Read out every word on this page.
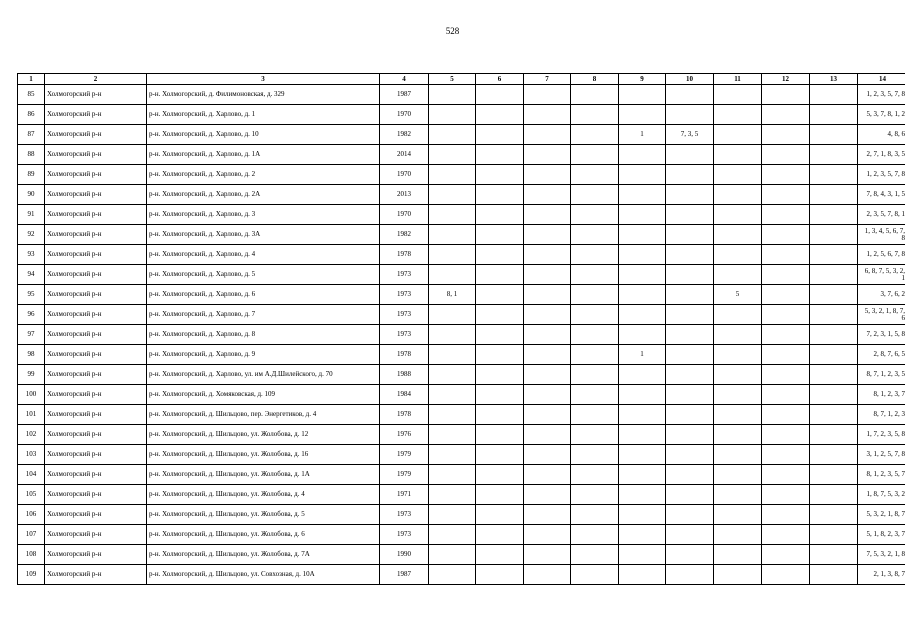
528
1	2	3	4	5	6	7	8	9	10	11	12	13	14
85	Холмогорский р-н	р-н. Холмогорский, д. Филимоновская, д. 329	1987										1, 2, 3, 5, 7, 8
86	Холмогорский р-н	р-н. Холмогорский, д. Харлово, д. 1	1970										5, 3, 7, 8, 1, 2
87	Холмогорский р-н	р-н. Холмогорский, д. Харлово, д. 10	1982					1	7, 3, 5				4, 8, 6
88	Холмогорский р-н	р-н. Холмогорский, д. Харлово, д. 1А	2014										2, 7, 1, 8, 3, 5
89	Холмогорский р-н	р-н. Холмогорский, д. Харлово, д. 2	1970										1, 2, 3, 5, 7, 8
90	Холмогорский р-н	р-н. Холмогорский, д. Харлово, д. 2А	2013										7, 8, 4, 3, 1, 5
91	Холмогорский р-н	р-н. Холмогорский, д. Харлово, д. 3	1970										2, 3, 5, 7, 8, 1
92	Холмогорский р-н	р-н. Холмогорский, д. Харлово, д. 3А	1982										1, 3, 4, 5, 6, 7, 8
93	Холмогорский р-н	р-н. Холмогорский, д. Харлово, д. 4	1978										1, 2, 5, 6, 7, 8
94	Холмогорский р-н	р-н. Холмогорский, д. Харлово, д. 5	1973										6, 8, 7, 5, 3, 2, 1
95	Холмогорский р-н	р-н. Холмогорский, д. Харлово, д. 6	1973	8, 1						5			3, 7, 6, 2
96	Холмогорский р-н	р-н. Холмогорский, д. Харлово, д. 7	1973										5, 3, 2, 1, 8, 7, 6
97	Холмогорский р-н	р-н. Холмогорский, д. Харлово, д. 8	1973										7, 2, 3, 1, 5, 8
98	Холмогорский р-н	р-н. Холмогорский, д. Харлово, д. 9	1978					1					2, 8, 7, 6, 5
99	Холмогорский р-н	р-н. Холмогорский, д. Харлово, ул. им А.Д.Шилейского, д. 70	1988										8, 7, 1, 2, 3, 5
100	Холмогорский р-н	р-н. Холмогорский, д. Хомяковская, д. 109	1984										8, 1, 2, 3, 7
101	Холмогорский р-н	р-н. Холмогорский, д. Шильцово, пер. Энергетиков, д. 4	1978										8, 7, 1, 2, 3
102	Холмогорский р-н	р-н. Холмогорский, д. Шильцово, ул. Жолобова, д. 12	1976										1, 7, 2, 3, 5, 8
103	Холмогорский р-н	р-н. Холмогорский, д. Шильцово, ул. Жолобова, д. 16	1979										3, 1, 2, 5, 7, 8
104	Холмогорский р-н	р-н. Холмогорский, д. Шильцово, ул. Жолобова, д. 1А	1979										8, 1, 2, 3, 5, 7
105	Холмогорский р-н	р-н. Холмогорский, д. Шильцово, ул. Жолобова, д. 4	1971										1, 8, 7, 5, 3, 2
106	Холмогорский р-н	р-н. Холмогорский, д. Шильцово, ул. Жолобова, д. 5	1973										5, 3, 2, 1, 8, 7
107	Холмогорский р-н	р-н. Холмогорский, д. Шильцово, ул. Жолобова, д. 6	1973										5, 1, 8, 2, 3, 7
108	Холмогорский р-н	р-н. Холмогорский, д. Шильцово, ул. Жолобова, д. 7А	1990										7, 5, 3, 2, 1, 8
109	Холмогорский р-н	р-н. Холмогорский, д. Шильцово, ул. Совхозная, д. 10А	1987										2, 1, 3, 8, 7
